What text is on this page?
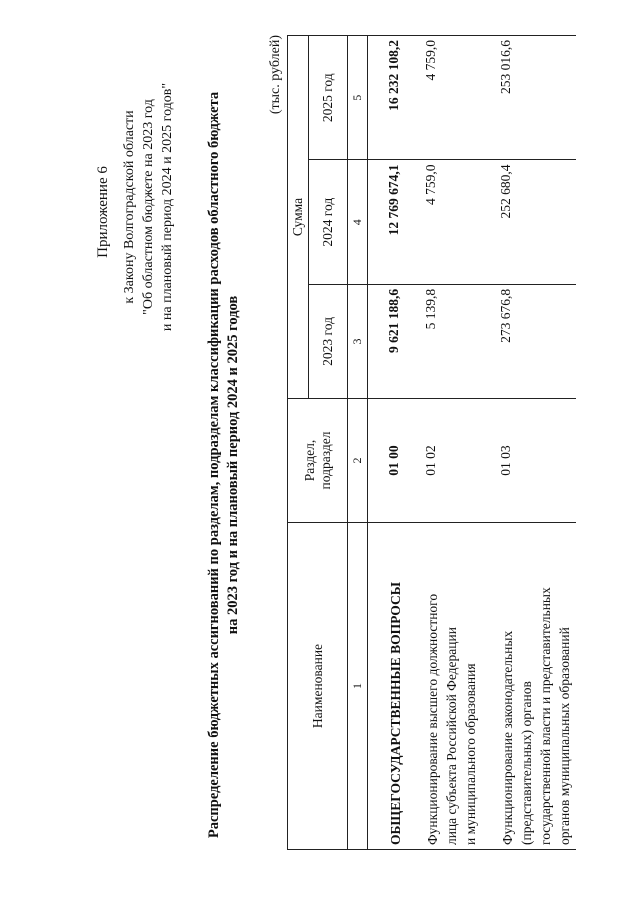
Приложение 6 к Закону Волгоградской области "Об областном бюджете на 2023 год и на плановый период 2024 и 2025 годов" Распределение бюджетных ассигнований по разделам, подразделам классификации расходов областного бюджета на 2023 год и на плановый период 2024 и 2025 годов
(тыс. рублей)
Наименование	Раздел, подраздел	Сумма		
		2023 год	2024 год	2025 год
1	2	3	4	5

ОБЩЕГОСУДАРСТВЕННЫЕ ВОПРОСЫ	01 00	9 621 188,6	12 769 674,1	16 232 108,2

Функционирование высшего должностного лица субъекта Российской Федерации и муниципального образования	01 02	5 139,8	4 759,0	4 759,0

Функционирование законодательных (представительных) органов государственной власти и представительных органов муниципальных образований	01 03	273 676,8	252 680,4	253 016,6
